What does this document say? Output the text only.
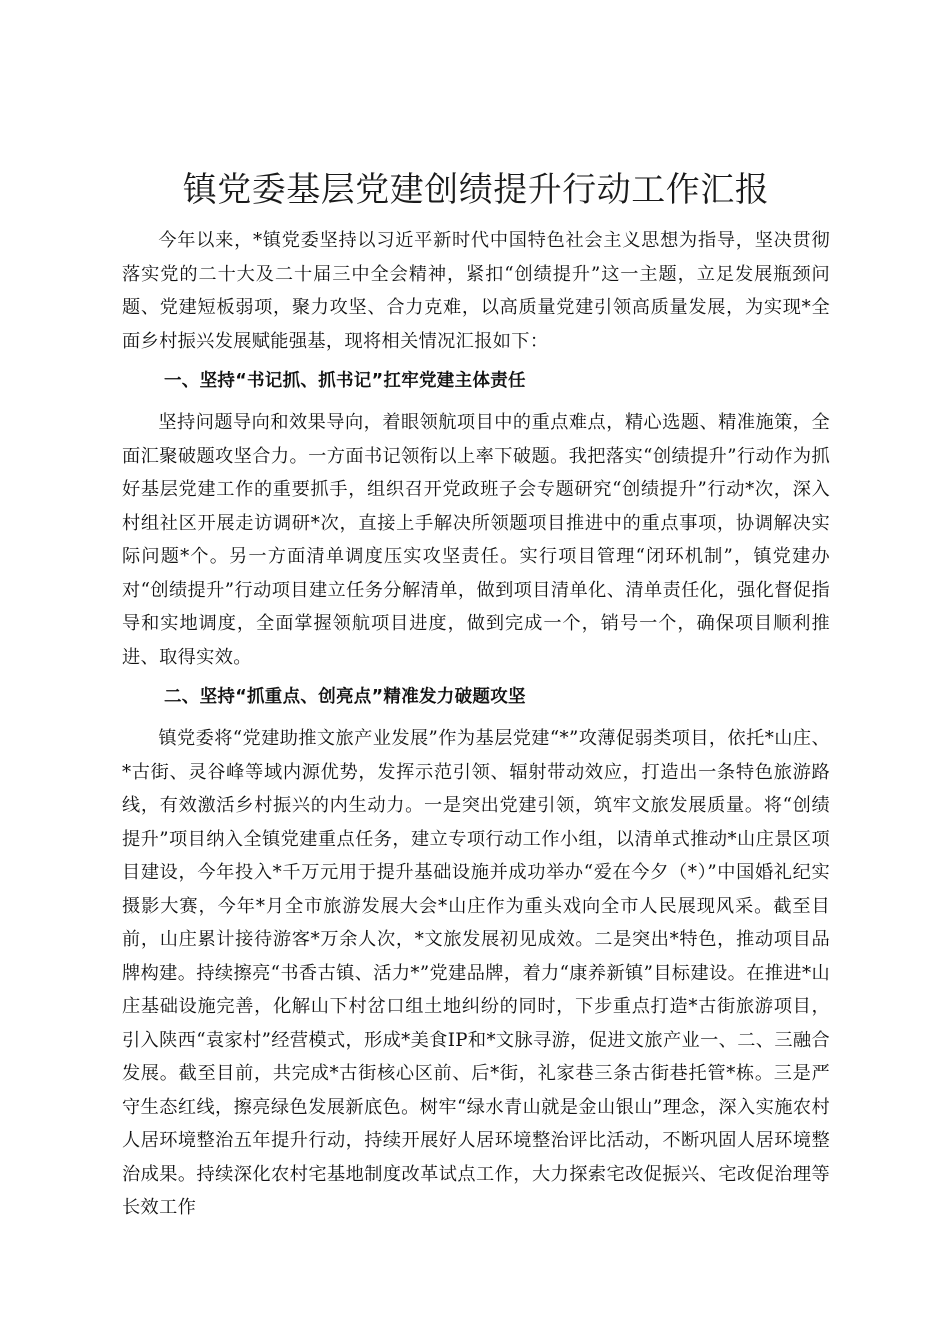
镇党委基层党建创绩提升行动工作汇报

今年以来，*镇党委坚持以习近平新时代中国特色社会主义思想为指导，坚决贯彻落实党的二十大及二十届三中全会精神，紧扣“创绩提升”这一主题，立足发展瓶颈问题、党建短板弱项，聚力攻坚、合力克难，以高质量党建引领高质量发展，为实现*全面乡村振兴发展赋能强基，现将相关情况汇报如下：

一、坚持“书记抓、抓书记”扛牢党建主体责任

坚持问题导向和效果导向，着眼领航项目中的重点难点，精心选题、精准施策，全面汇聚破题攻坚合力。一方面书记领衔以上率下破题。我把落实“创绩提升”行动作为抓好基层党建工作的重要抓手，组织召开党政班子会专题研究“创绩提升”行动*次，深入村组社区开展走访调研*次，直接上手解决所领题项目推进中的重点事项，协调解决实际问题*个。另一方面清单调度压实攻坚责任。实行项目管理“闭环机制”，镇党建办对“创绩提升”行动项目建立任务分解清单，做到项目清单化、清单责任化，强化督促指导和实地调度，全面掌握领航项目进度，做到完成一个，销号一个，确保项目顺利推进、取得实效。

二、坚持“抓重点、创亮点”精准发力破题攻坚

镇党委将“党建助推文旅产业发展”作为基层党建“*”攻薄促弱类项目，依托*山庄、*古街、灵谷峰等域内源优势，发挥示范引领、辐射带动效应，打造出一条特色旅游路线，有效激活乡村振兴的内生动力。一是突出党建引领，筑牢文旅发展质量。将“创绩提升”项目纳入全镇党建重点任务，建立专项行动工作小组，以清单式推动*山庄景区项目建设，今年投入*千万元用于提升基础设施并成功举办“爱在今夕（*）”中国婚礼纪实摄影大赛，今年*月全市旅游发展大会*山庄作为重头戏向全市人民展现风采。截至目前，山庄累计接待游客*万余人次，*文旅发展初见成效。二是突出*特色，推动项目品牌构建。持续擦亮“书香古镇、活力*”党建品牌，着力“康养新镇”目标建设。在推进*山庄基础设施完善，化解山下村岔口组土地纠纷的同时，下步重点打造*古街旅游项目，引入陕西“袁家村”经营模式，形成*美食IP和*文脉寻游，促进文旅产业一、二、三融合发展。截至目前，共完成*古街核心区前、后*街，礼家巷三条古街巷托管*栋。三是严守生态红线，擦亮绿色发展新底色。树牢“绿水青山就是金山银山”理念，深入实施农村人居环境整治五年提升行动，持续开展好人居环境整治评比活动，不断巩固人居环境整治成果。持续深化农村宅基地制度改革试点工作，大力探索宅改促振兴、宅改促治理等长效工作
